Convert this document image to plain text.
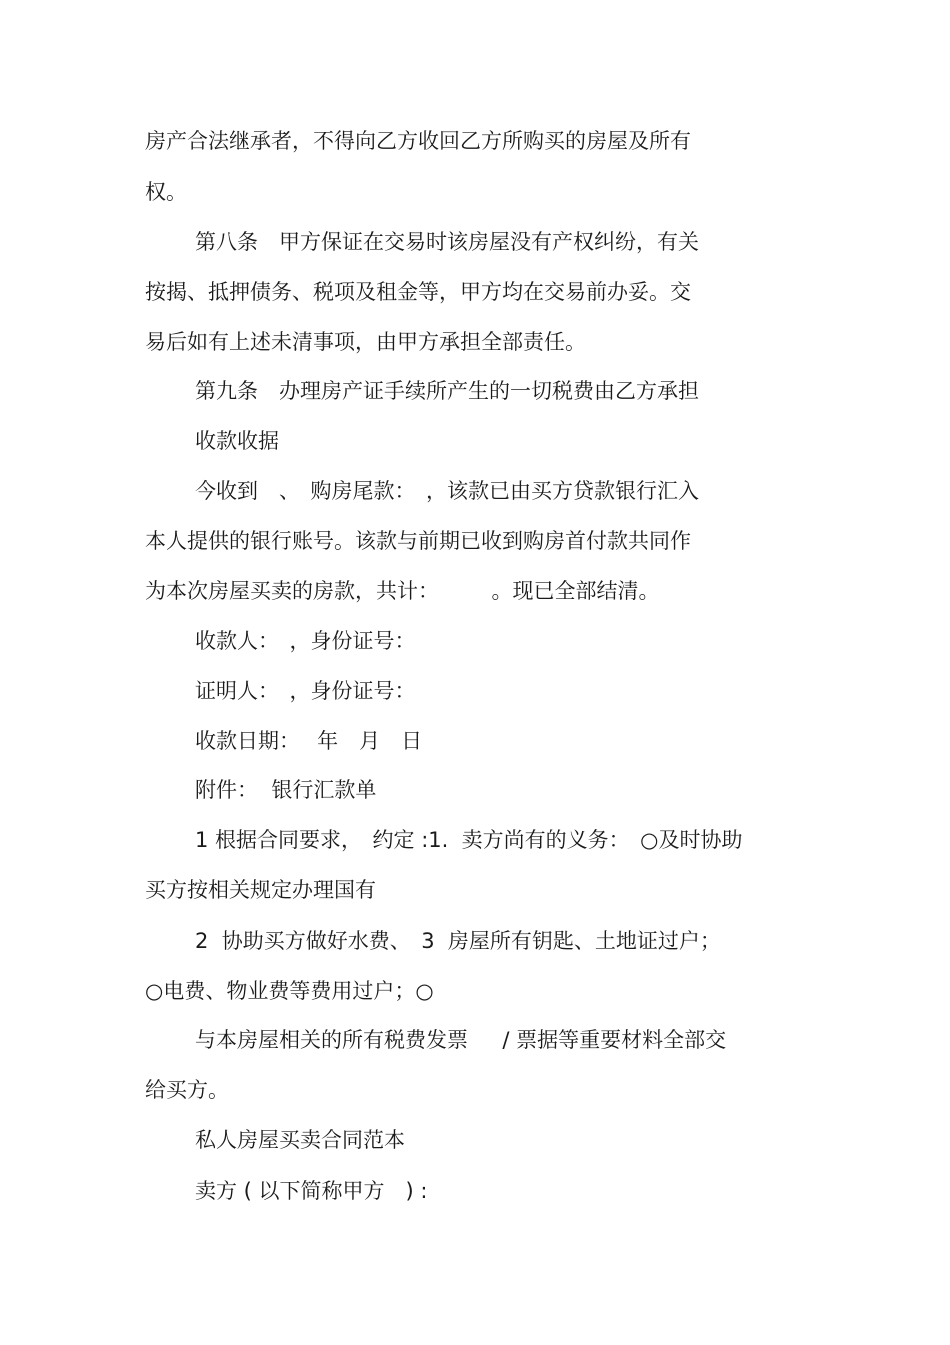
房产合法继承者，不得向乙方收回乙方所购买的房屋及所有
权。
第八条　甲方保证在交易时该房屋没有产权纠纷，有关
按揭、抵押债务、税项及租金等，甲方均在交易前办妥。交
易后如有上述未清事项，由甲方承担全部责任。
第九条　办理房产证手续所产生的一切税费由乙方承担
收款收据
今收到　、　购房尾款：　，该款已由买方贷款银行汇入
本人提供的银行账号。该款与前期已收到购房首付款共同作
为本次房屋买卖的房款，共计：　　　。现已全部结清。
收款人：　，身份证号：
证明人：　，身份证号：
收款日期：　 年　月　日
附件：  银行汇款单
1 根据合同要求，　约定 :1.  卖方尚有的义务：　○及时协助
买方按相关规定办理国有
2  协助买方做好水费、　3  房屋所有钥匙、土地证过户；
○电费、物业费等费用过户；○
与本房屋相关的所有税费发票　  / 票据等重要材料全部交
给买方。
私人房屋买卖合同范本
卖方 ( 以下简称甲方　) :
